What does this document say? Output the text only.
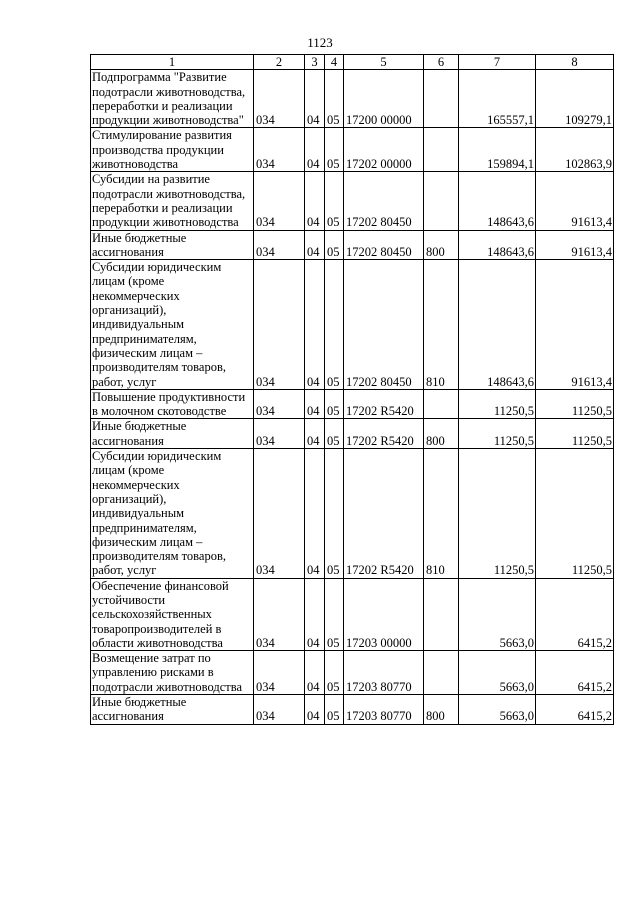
1123
1	2	3	4	5	6	7	8
Подпрограмма "Развитие подотрасли животноводства, переработки и реализации продукции животноводства"	034	04	05	17200 00000		165557,1	109279,1
Стимулирование развития производства продукции животноводства	034	04	05	17202 00000		159894,1	102863,9
Субсидии на развитие подотрасли животноводства, переработки и реализации продукции животноводства	034	04	05	17202 80450		148643,6	91613,4
Иные бюджетные ассигнования	034	04	05	17202 80450	800	148643,6	91613,4
Субсидии юридическим лицам (кроме некоммерческих организаций), индивидуальным предпринимателям, физическим лицам – производителям товаров, работ, услуг	034	04	05	17202 80450	810	148643,6	91613,4
Повышение продуктивности в молочном скотоводстве	034	04	05	17202 R5420		11250,5	11250,5
Иные бюджетные ассигнования	034	04	05	17202 R5420	800	11250,5	11250,5
Субсидии юридическим лицам (кроме некоммерческих организаций), индивидуальным предпринимателям, физическим лицам – производителям товаров, работ, услуг	034	04	05	17202 R5420	810	11250,5	11250,5
Обеспечение финансовой устойчивости сельскохозяйственных товаропроизводителей в области животноводства	034	04	05	17203 00000		5663,0	6415,2
Возмещение затрат по управлению рисками в подотрасли животноводства	034	04	05	17203 80770		5663,0	6415,2
Иные бюджетные ассигнования	034	04	05	17203 80770	800	5663,0	6415,2
